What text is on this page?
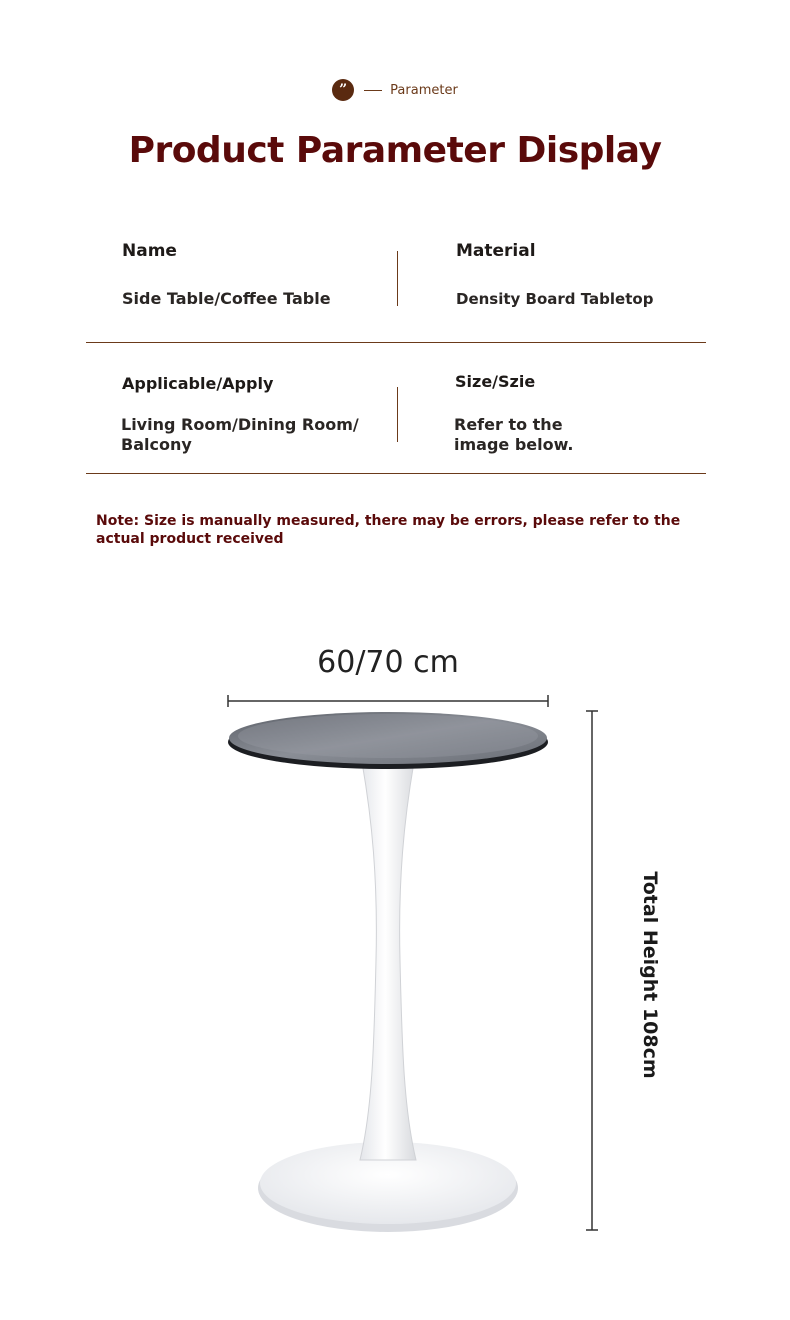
”	Parameter
Product Parameter Display
Name
Side Table/Coffee Table
Material
Density Board Tabletop
Applicable/Apply
Living Room/Dining Room/
Balcony
Size/Szie
Refer to the
image below.
Note: Size is manually measured, there may be errors, please refer to the actual product received
60/70 cm
Total Height 108cm
